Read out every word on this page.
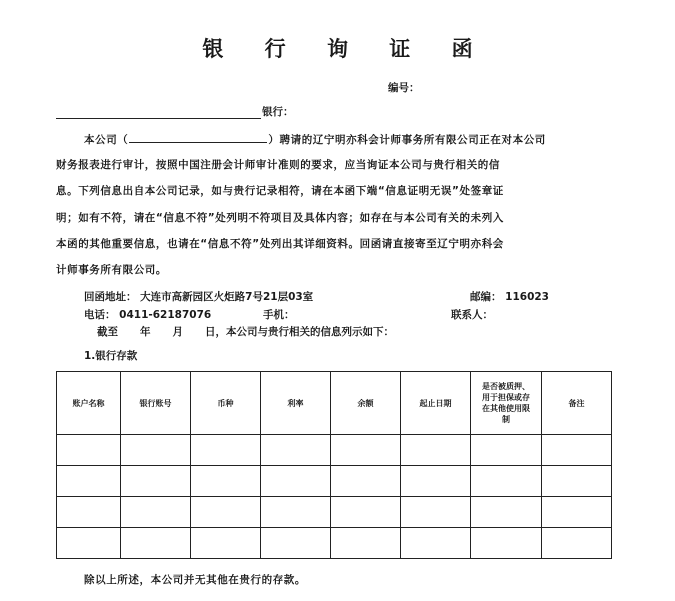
银 行 询 证 函
编号：
银行：
本公司（	）聘请的辽宁明亦科会计师事务所有限公司正在对本公司
财务报表进行审计，按照中国注册会计师审计准则的要求，应当询证本公司与贵行相关的信
息。下列信息出自本公司记录，如与贵行记录相符，请在本函下端“信息证明无误”处签章证
明；如有不符，请在“信息不符”处列明不符项目及具体内容；如存在与本公司有关的未列入
本函的其他重要信息，也请在“信息不符”处列出其详细资料。回函请直接寄至辽宁明亦科会
计师事务所有限公司。
回函地址： 大连市高新园区火炬路7号21层03室	邮编： 116023
电话： 0411-62187076	手机：	联系人：
截至 年 月 日，本公司与贵行相关的信息列示如下：
1.银行存款
账户名称	银行账号	币种	利率	余额	起止日期	是否被质押、用于担保或存在其他使用限制	备注

除以上所述，本公司并无其他在贵行的存款。
